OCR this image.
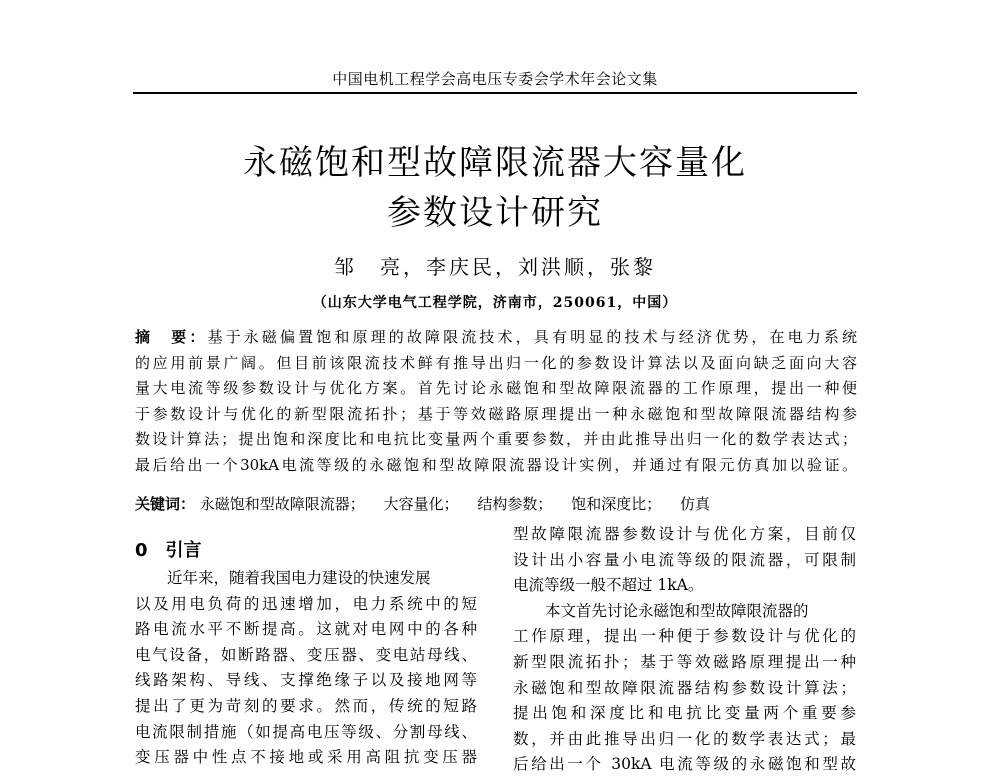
中国电机工程学会高电压专委会学术年会论文集
永磁饱和型故障限流器大容量化
参数设计研究
邹　亮，李庆民，刘洪顺，张黎
（山东大学电气工程学院，济南市，250061，中国）
摘　要：基于永磁偏置饱和原理的故障限流技术，具有明显的技术与经济优势，在电力系统
的应用前景广阔。但目前该限流技术鲜有推导出归一化的参数设计算法以及面向缺乏面向大容
量大电流等级参数设计与优化方案。首先讨论永磁饱和型故障限流器的工作原理，提出一种便
于参数设计与优化的新型限流拓扑；基于等效磁路原理提出一种永磁饱和型故障限流器结构参
数设计算法；提出饱和深度比和电抗比变量两个重要参数，并由此推导出归一化的数学表达式；
最后给出一个30kA电流等级的永磁饱和型故障限流器设计实例，并通过有限元仿真加以验证。
关键词： 永磁饱和型故障限流器； 大容量化； 结构参数； 饱和深度比； 仿真
0　引言
近年来，随着我国电力建设的快速发展
以及用电负荷的迅速增加，电力系统中的短
路电流水平不断提高。这就对电网中的各种
电气设备，如断路器、变压器、变电站母线、
线路架构、导线、支撑绝缘子以及接地网等
提出了更为苛刻的要求。然而，传统的短路
电流限制措施（如提高电压等级、分割母线、
变压器中性点不接地或采用高阻抗变压器
型故障限流器参数设计与优化方案，目前仅
设计出小容量小电流等级的限流器，可限制
电流等级一般不超过 1kA。
本文首先讨论永磁饱和型故障限流器的
工作原理，提出一种便于参数设计与优化的
新型限流拓扑；基于等效磁路原理提出一种
永磁饱和型故障限流器结构参数设计算法；
提出饱和深度比和电抗比变量两个重要参
数，并由此推导出归一化的数学表达式；最
后给出一个 30kA 电流等级的永磁饱和型故
